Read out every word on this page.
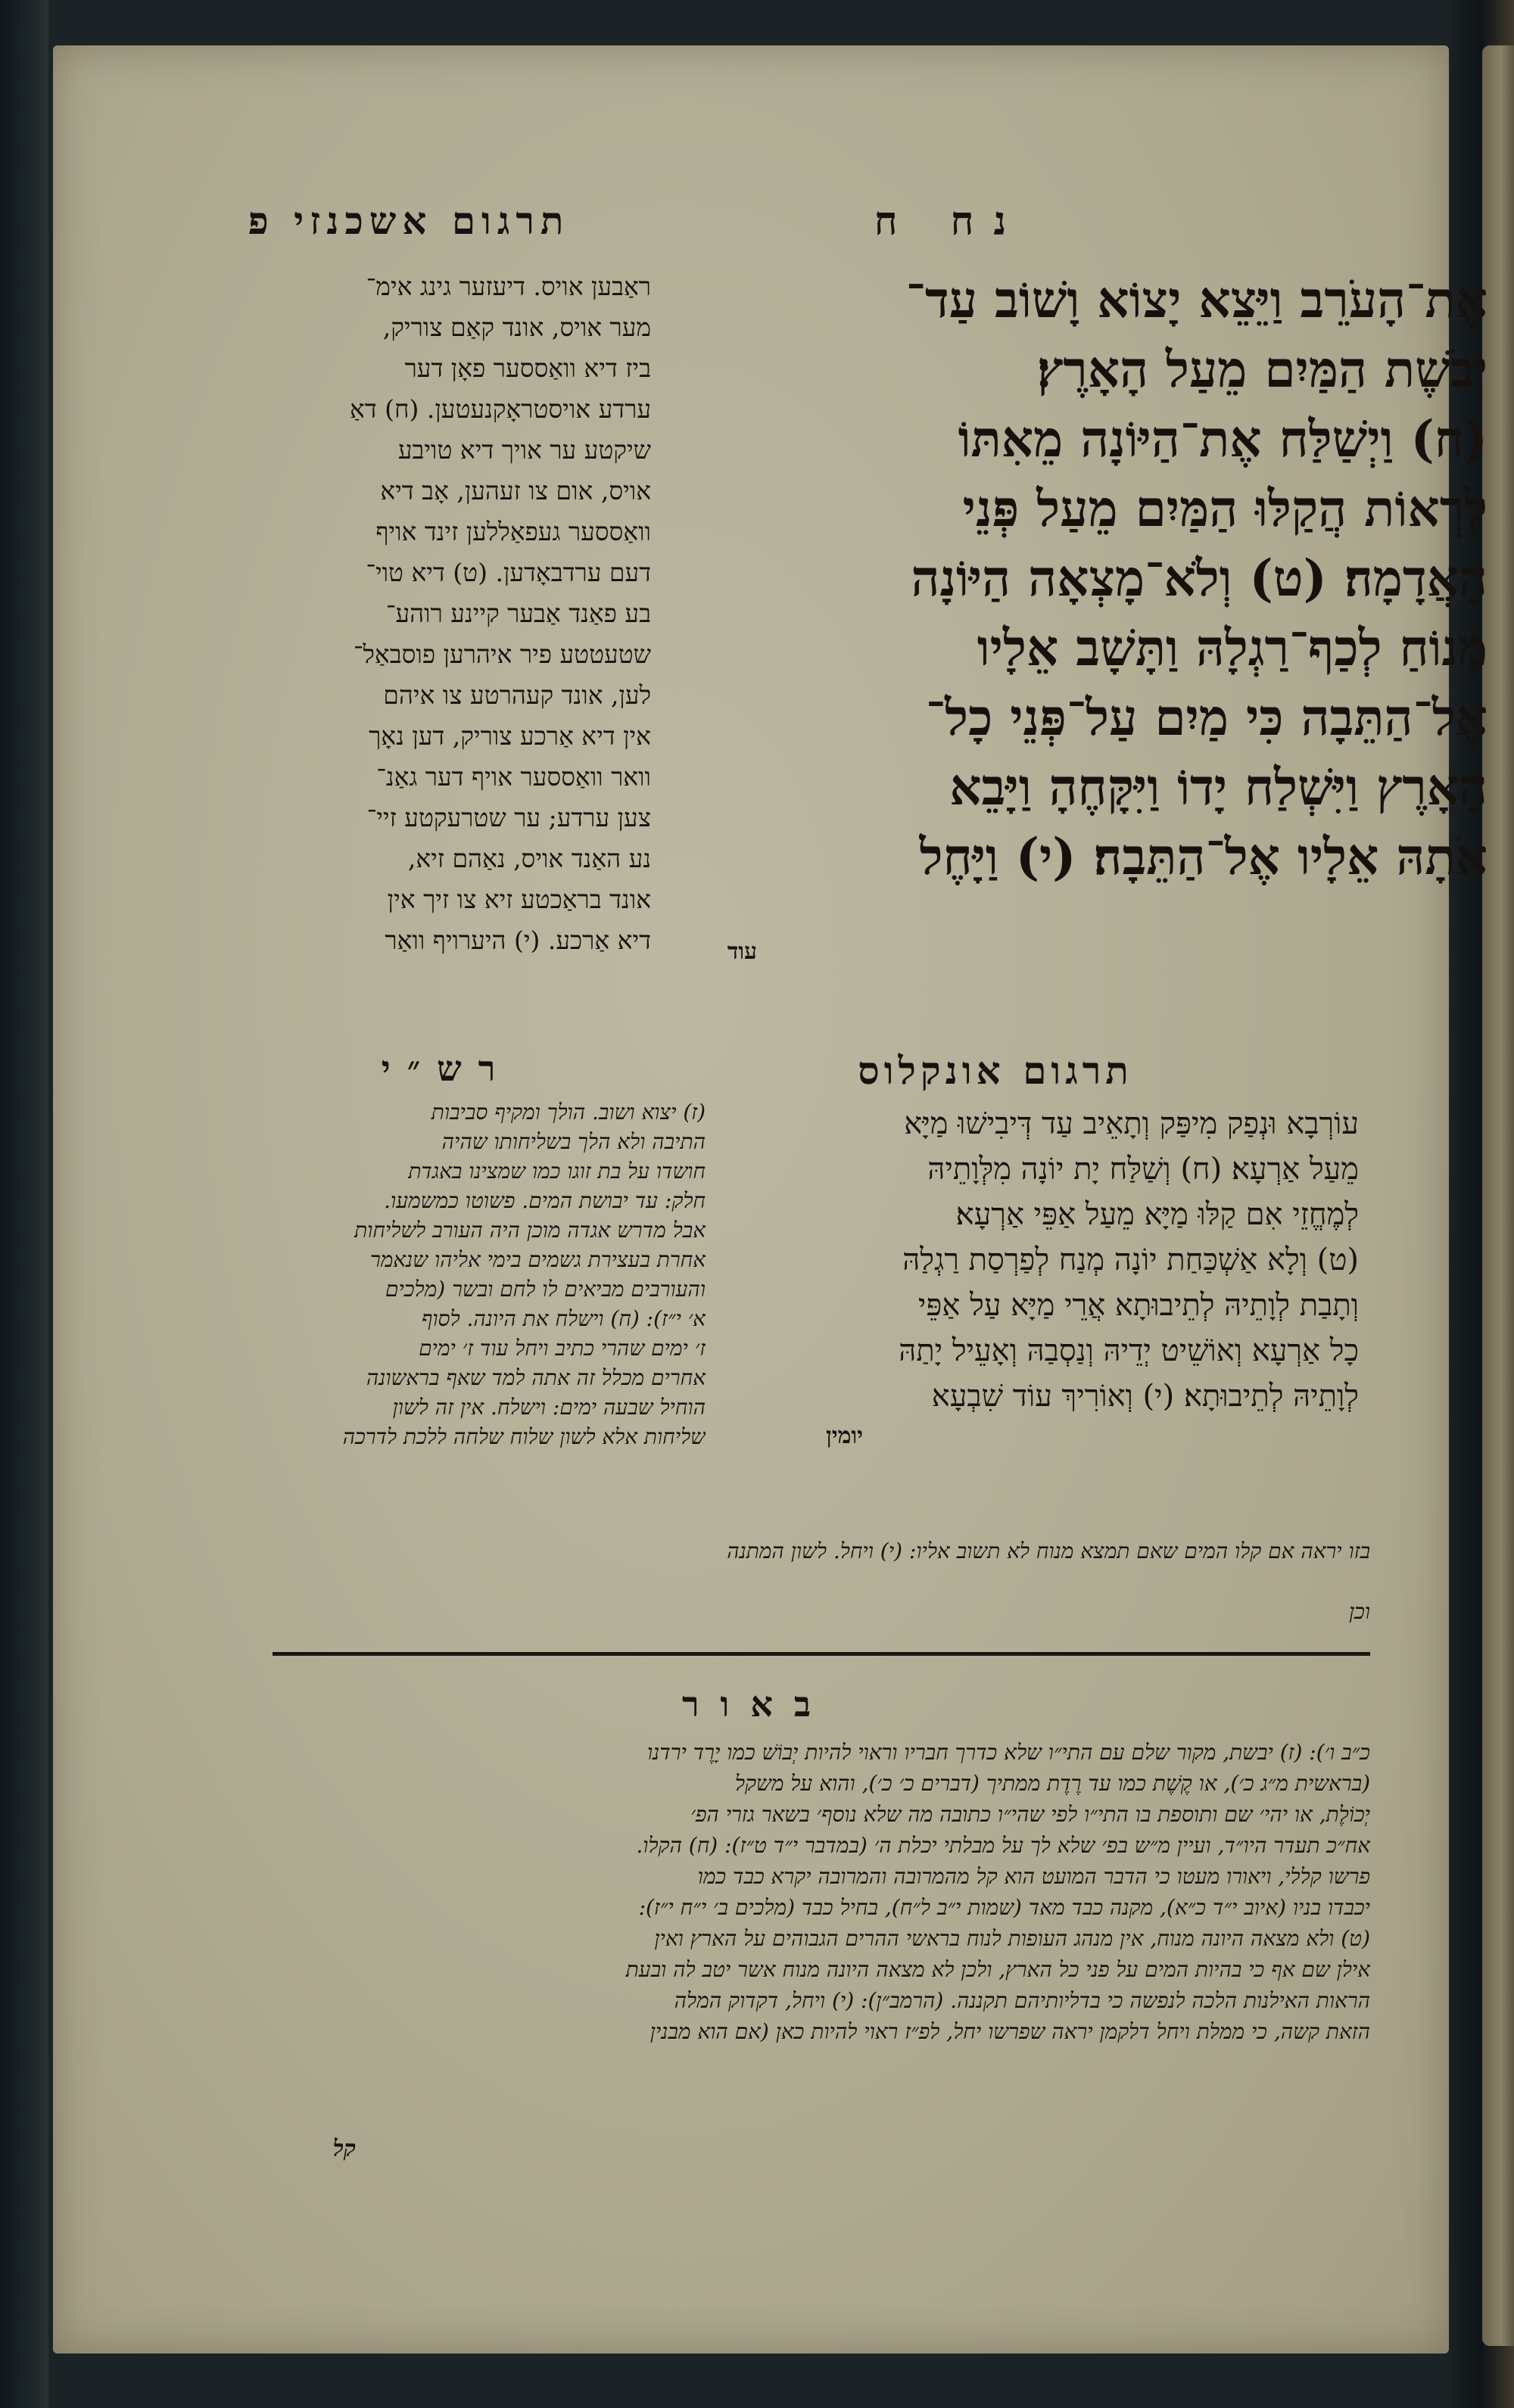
נח ח
תרגום אשכנזי פ
אֶת־הָעֹרֵב וַיֵּצֵא יָצוֹא וָשׁוֹב עַד־
יְבֹשֶׁת הַמַּיִם מֵעַל הָאָרֶץ׃
(ח) וַיְשַׁלַּח אֶת־הַיּוֹנָה מֵאִתּוֹ
לִרְאוֹת הֲקַלּוּ הַמַּיִם מֵעַל פְּנֵי
הָאֲדָמָה׃ (ט) וְלֹא־מָצְאָה הַיּוֹנָה
מָנוֹחַ לְכַף־רַגְלָהּ וַתָּשָׁב אֵלָיו
אֶל־הַתֵּבָה כִּי מַיִם עַל־פְּנֵי כָל־
הָאָרֶץ וַיִּשְׁלַח יָדוֹ וַיִּקָּחֶהָ וַיָּבֵא
אֹתָהּ אֵלָיו אֶל־הַתֵּבָה׃ (י) וַיָּחֶל
עוד
ראַבען אויס. דיעזער גינג אימ־
מער אויס, אונד קאַם צוריק,
ביז דיא וואַססער פאָן דער
ערדע אויסטראָקנעטען. (ח) דאַ
שיקטע ער אויך דיא טויבע
אויס, אום צו זעהען, אָב דיא
וואַססער געפאַללען זינד אויף
דעם ערדבאָדען. (ט) דיא טוי־
בע פאַנד אַבער קיינע רוהע־
שטעטטע פיר איהרען פוסבאַל־
לען, אונד קעהרטע צו איהם
אין דיא אַרכע צוריק, דען נאָך
וואר וואַססער אויף דער גאַנ־
צען ערדע; ער שטרעקטע זיי־
נע האַנד אויס, נאַהם זיא,
אונד בראַכטע זיא צו זיך אין
דיא אַרכע. (י) היערויף וואַר
תרגום אונקלוס
רש״י
עוֹרְבָא וּנְפַק מִיפַּק וְתָאֵיב עַד דְּיבִישׁוּ מַיָּא
מֵעַל אַרְעָא׃ (ח) וְשַׁלַּח יָת יוֹנָה מִלְּוָתֵיהּ
לְמֶחֱזֵי אִם קַלּוּ מַיָּא מֵעַל אַפֵּי אַרְעָא׃
(ט) וְלָא אַשְׁכַּחַת יוֹנָה מְנַח לְפַרְסַת רַגְלַהּ
וְתָבַת לְוָתֵיהּ לְתֵיבוּתָא אֲרֵי מַיָּא עַל אַפֵּי
כָל אַרְעָא וְאוֹשֵׁיט יְדֵיהּ וְנַסְבַהּ וְאָעֵיל יָתַהּ
לְוָתֵיהּ לְתֵיבוּתָא׃ (י) וְאוֹרִיךְ עוֹד שִׁבְעָא
יומין
(ז) יצוא ושוב. הולך ומקיף סביבות
התיבה ולא הלך בשליחותו שהיה
חושדו על בת זוגו כמו שמצינו באגדת
חלק: עד יבושת המים. פשוטו כמשמעו.
אבל מדרש אגדה מוכן היה העורב לשליחות
אחרת בעצירת גשמים בימי אליהו שנאמר
והעורבים מביאים לו לחם ובשר (מלכים
א׳ י״ז): (ח) וישלח את היונה. לסוף
ז׳ ימים שהרי כתיב ויחל עוד ז׳ ימים
אחרים מכלל זה אתה למד שאף בראשונה
הוחיל שבעה ימים: וישלח. אין זה לשון
שליחות אלא לשון שלוח שלחה ללכת לדרכה
בזו יראה אם קלו המים שאם תמצא מנוח לא תשוב אליו: (י) ויחל. לשון המתנה
וכן
באור
כ״ב ו׳): (ז) יבשת, מקור שלם עם התי״ו שלא כדרך חבריו וראוי להיות יְבוֹשׁ כמו יָרֶד ירדנו
(בראשית מ״ג כ׳), או קֶשֶׁת כמו עד רֶדֶת ממתיך (דברים כ׳ כ׳), והוא על משקל
יְכוֹלֶת, או יהי׳ שם ותוספת בו התי״ו לפי שהי״ו כתובה מה שלא נוסף׳ בשאר גזרי הפ׳
אח״כ תעדר היו״ד, ועיין מ״ש בפ׳ שלא לך על מבלתי יכלת ה׳ (במדבר י״ד ט״ז): (ח) הקלו.
פרשו קללי, ויאורו מעטו כי הדבר המועט הוא קל מהמרובה והמרובה יקרא כבד כמו
יכבדו בניו (איוב י״ד כ״א), מקנה כבד מאד (שמות י״ב ל״ח), בחיל כבד (מלכים ב׳ י״ח י״ז):
(ט) ולא מצאה היונה מנוח, אין מנהג העופות לנוח בראשי ההרים הגבוהים על הארץ ואין
אילן שם אף כי בהיות המים על פני כל הארץ, ולכן לא מצאה היונה מנוח אשר יטב לה ובעת
הראות האילנות הלכה לנפשה כי בדליותיהם תקננה. (הרמב״ן): (י) ויחל, דקדוק המלה
הזאת קשה, כי ממלת ויחל דלקמן יראה שפרשו יחל, לפ״ז ראוי להיות כאן (אם הוא מבנין
קל
